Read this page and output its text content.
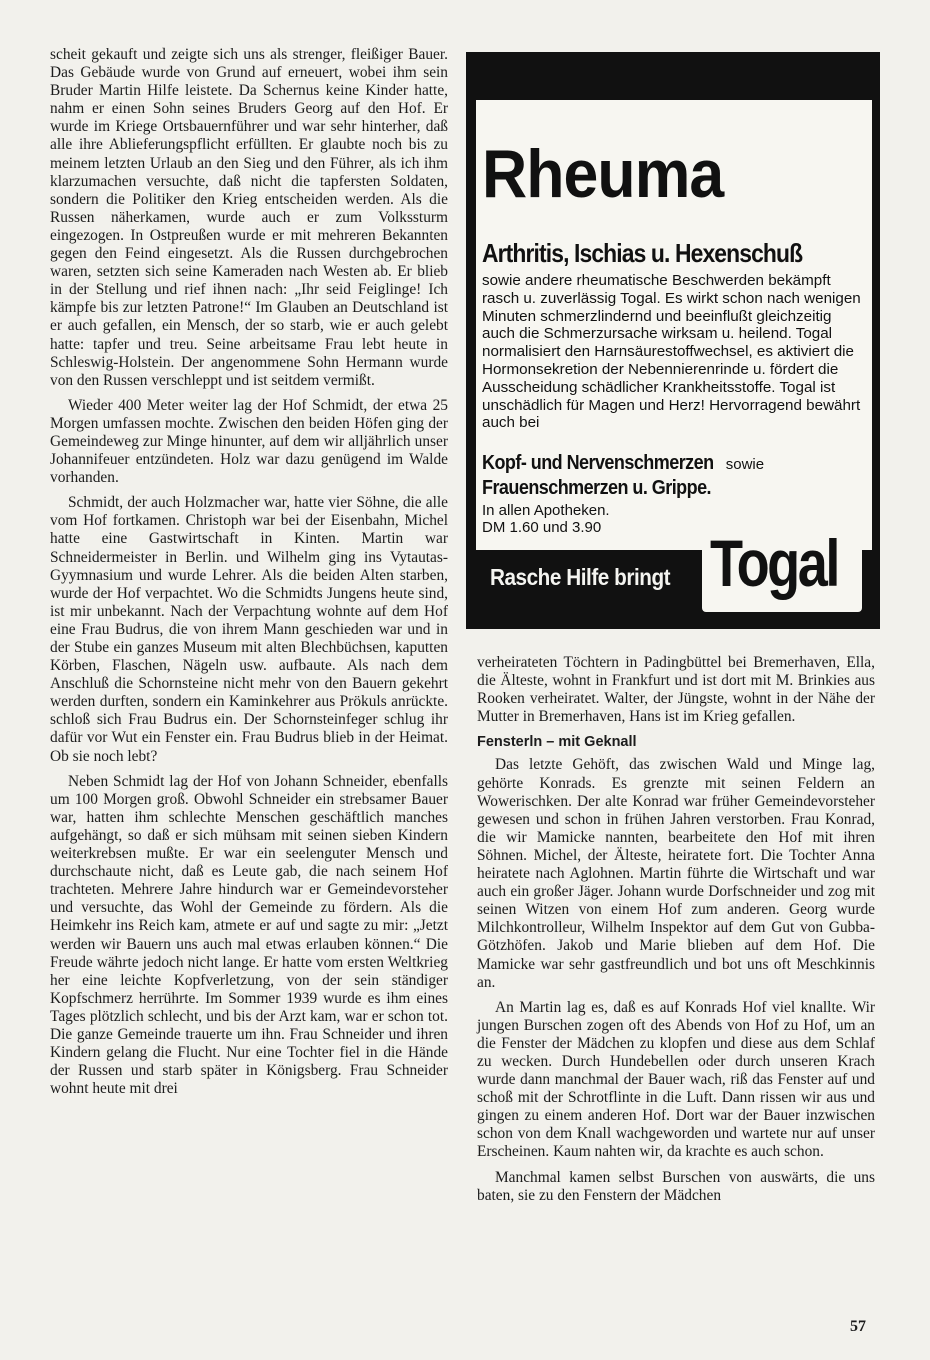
scheit gekauft und zeigte sich uns als strenger, fleißiger Bauer. Das Gebäude wurde von Grund auf erneuert, wobei ihm sein Bruder Martin Hilfe leistete. Da Schernus keine Kinder hatte, nahm er einen Sohn seines Bruders Georg auf den Hof. Er wurde im Kriege Ortsbauernführer und war sehr hinterher, daß alle ihre Ablieferungspflicht erfüllten. Er glaubte noch bis zu meinem letzten Urlaub an den Sieg und den Führer, als ich ihm klarzumachen versuchte, daß nicht die tapfersten Soldaten, sondern die Politiker den Krieg entscheiden werden. Als die Russen näherkamen, wurde auch er zum Volkssturm eingezogen. In Ostpreußen wurde er mit mehreren Bekannten gegen den Feind eingesetzt. Als die Russen durchgebrochen waren, setzten sich seine Kameraden nach Westen ab. Er blieb in der Stellung und rief ihnen nach: „Ihr seid Feiglinge! Ich kämpfe bis zur letzten Patrone!“ Im Glauben an Deutschland ist er auch gefallen, ein Mensch, der so starb, wie er auch gelebt hatte: tapfer und treu. Seine arbeitsame Frau lebt heute in Schleswig-Holstein. Der angenommene Sohn Hermann wurde von den Russen verschleppt und ist seitdem vermißt.

Wieder 400 Meter weiter lag der Hof Schmidt, der etwa 25 Morgen umfassen mochte. Zwischen den beiden Höfen ging der Gemeindeweg zur Minge hinunter, auf dem wir alljährlich unser Johannifeuer entzündeten. Holz war dazu genügend im Walde vorhanden.

Schmidt, der auch Holzmacher war, hatte vier Söhne, die alle vom Hof fortkamen. Christoph war bei der Eisenbahn, Michel hatte eine Gastwirtschaft in Kinten. Martin war Schneidermeister in Berlin. und Wilhelm ging ins Vytautas-Gyymnasium und wurde Lehrer. Als die beiden Alten starben, wurde der Hof verpachtet. Wo die Schmidts Jungens heute sind, ist mir unbekannt. Nach der Verpachtung wohnte auf dem Hof eine Frau Budrus, die von ihrem Mann geschieden war und in der Stube ein ganzes Museum mit alten Blechbüchsen, kaputten Körben, Flaschen, Nägeln usw. aufbaute. Als nach dem Anschluß die Schornsteine nicht mehr von den Bauern gekehrt werden durften, sondern ein Kaminkehrer aus Prökuls anrückte. schloß sich Frau Budrus ein. Der Schornsteinfeger schlug ihr dafür vor Wut ein Fenster ein. Frau Budrus blieb in der Heimat. Ob sie noch lebt?

Neben Schmidt lag der Hof von Johann Schneider, ebenfalls um 100 Morgen groß. Obwohl Schneider ein strebsamer Bauer war, hatten ihm schlechte Menschen geschäftlich manches aufgehängt, so daß er sich mühsam mit seinen sieben Kindern weiterkrebsen mußte. Er war ein seelenguter Mensch und durchschaute nicht, daß es Leute gab, die nach seinem Hof trachteten. Mehrere Jahre hindurch war er Gemeindevorsteher und versuchte, das Wohl der Gemeinde zu fördern. Als die Heimkehr ins Reich kam, atmete er auf und sagte zu mir: „Jetzt werden wir Bauern uns auch mal etwas erlauben können.“ Die Freude währte jedoch nicht lange. Er hatte vom ersten Weltkrieg her eine leichte Kopfverletzung, von der sein ständiger Kopfschmerz herrührte. Im Sommer 1939 wurde es ihm eines Tages plötzlich schlecht, und bis der Arzt kam, war er schon tot. Die ganze Gemeinde trauerte um ihn. Frau Schneider und ihren Kindern gelang die Flucht. Nur eine Tochter fiel in die Hände der Russen und starb später in Königsberg. Frau Schneider wohnt heute mit drei

Rheuma
Arthritis, Ischias u. Hexenschuß

sowie andere rheumatische Beschwerden bekämpft rasch u. zuverlässig Togal. Es wirkt schon nach wenigen Minuten schmerzlindernd und beeinflußt gleichzeitig auch die Schmerzursache wirksam u. heilend. Togal normalisiert den Harnsäurestoffwechsel, es aktiviert die Hormonsekretion der Nebennierenrinde u. fördert die Ausscheidung schädlicher Krankheitsstoffe. Togal ist unschädlich für Magen und Herz! Hervorragend bewährt auch bei

Kopf- und Nervenschmerzen sowie
Frauenschmerzen u. Grippe.
In allen Apotheken.
DM 1.60 und 3.90
Rasche Hilfe bringt Togal

verheirateten Töchtern in Padingbüttel bei Bremerhaven, Ella, die Älteste, wohnt in Frankfurt und ist dort mit M. Brinkies aus Rooken verheiratet. Walter, der Jüngste, wohnt in der Nähe der Mutter in Bremerhaven, Hans ist im Krieg gefallen.

Fensterln – mit Geknall

Das letzte Gehöft, das zwischen Wald und Minge lag, gehörte Konrads. Es grenzte mit seinen Feldern an Wowerischken. Der alte Konrad war früher Gemeindevorsteher gewesen und schon in frühen Jahren verstorben. Frau Konrad, die wir Mamicke nannten, bearbeitete den Hof mit ihren Söhnen. Michel, der Älteste, heiratete fort. Die Tochter Anna heiratete nach Aglohnen. Martin führte die Wirtschaft und war auch ein großer Jäger. Johann wurde Dorfschneider und zog mit seinen Witzen von einem Hof zum anderen. Georg wurde Milchkontrolleur, Wilhelm Inspektor auf dem Gut von Gubba-Götzhöfen. Jakob und Marie blieben auf dem Hof. Die Mamicke war sehr gastfreundlich und bot uns oft Meschkinnis an.

An Martin lag es, daß es auf Konrads Hof viel knallte. Wir jungen Burschen zogen oft des Abends von Hof zu Hof, um an die Fenster der Mädchen zu klopfen und diese aus dem Schlaf zu wecken. Durch Hundebellen oder durch unseren Krach wurde dann manchmal der Bauer wach, riß das Fenster auf und schoß mit der Schrotflinte in die Luft. Dann rissen wir aus und gingen zu einem anderen Hof. Dort war der Bauer inzwischen schon von dem Knall wachgeworden und wartete nur auf unser Erscheinen. Kaum nahten wir, da krachte es auch schon.

Manchmal kamen selbst Burschen von auswärts, die uns baten, sie zu den Fenstern der Mädchen

57
